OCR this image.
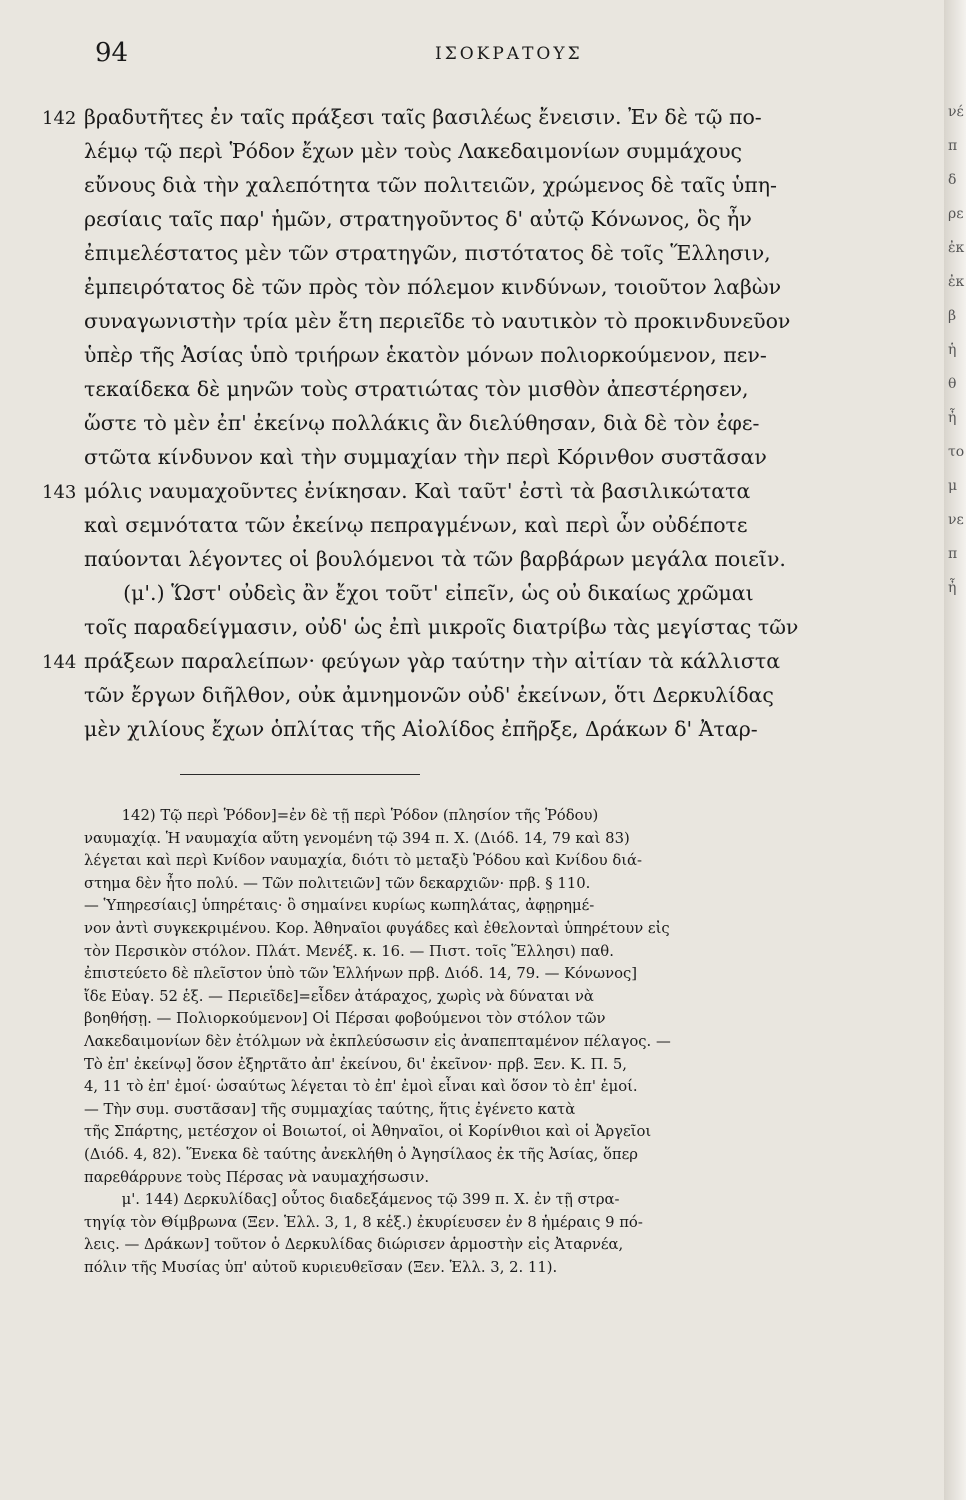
94	ΙΣΟΚΡΑΤΟΥΣ
142 βραδυτῆτες ἐν ταῖς πράξεσι ταῖς βασιλέως ἔνεισιν. Ἐν δὲ τῷ πο-
λέμῳ τῷ περὶ Ῥόδον ἔχων μὲν τοὺς Λακεδαιμονίων συμμάχους
εὔνους διὰ τὴν χαλεπότητα τῶν πολιτειῶν, χρώμενος δὲ ταῖς ὑπη-
ρεσίαις ταῖς παρ' ἡμῶν, στρατηγοῦντος δ' αὐτῷ Κόνωνος, ὃς ἦν
ἐπιμελέστατος μὲν τῶν στρατηγῶν, πιστότατος δὲ τοῖς Ἕλλησιν,
ἐμπειρότατος δὲ τῶν πρὸς τὸν πόλεμον κινδύνων, τοιοῦτον λαβὼν
συναγωνιστὴν τρία μὲν ἔτη περιεῖδε τὸ ναυτικὸν τὸ προκινδυνεῦον
ὑπὲρ τῆς Ἀσίας ὑπὸ τριήρων ἑκατὸν μόνων πολιορκούμενον, πεν-
τεκαίδεκα δὲ μηνῶν τοὺς στρατιώτας τὸν μισθὸν ἀπεστέρησεν,
ὥστε τὸ μὲν ἐπ' ἐκείνῳ πολλάκις ἂν διελύθησαν, διὰ δὲ τὸν ἐφε-
στῶτα κίνδυνον καὶ τὴν συμμαχίαν τὴν περὶ Κόρινθον συστᾶσαν
143 μόλις ναυμαχοῦντες ἐνίκησαν. Καὶ ταῦτ' ἐστὶ τὰ βασιλικώτατα
καὶ σεμνότατα τῶν ἐκείνῳ πεπραγμένων, καὶ περὶ ὧν οὐδέποτε
παύονται λέγοντες οἱ βουλόμενοι τὰ τῶν βαρβάρων μεγάλα ποιεῖν.
(μ'.) Ὥστ' οὐδεὶς ἂν ἔχοι τοῦτ' εἰπεῖν, ὡς οὐ δικαίως χρῶμαι
τοῖς παραδείγμασιν, οὐδ' ὡς ἐπὶ μικροῖς διατρίβω τὰς μεγίστας τῶν
144 πράξεων παραλείπων· φεύγων γὰρ ταύτην τὴν αἰτίαν τὰ κάλλιστα
τῶν ἔργων διῆλθον, οὐκ ἀμνημονῶν οὐδ' ἐκείνων, ὅτι Δερκυλίδας
μὲν χιλίους ἔχων ὁπλίτας τῆς Αἰολίδος ἐπῆρξε, Δράκων δ' Ἀταρ-
142) Τῷ περὶ Ῥόδον]=ἐν δὲ τῇ περὶ Ῥόδον (πλησίον τῆς Ῥόδου)
ναυμαχίᾳ. Ἡ ναυμαχία αὕτη γενομένη τῷ 394 π. Χ. (Διόδ. 14, 79 καὶ 83)
λέγεται καὶ περὶ Κνίδον ναυμαχία, διότι τὸ μεταξὺ Ῥόδου καὶ Κνίδου διά-
στημα δὲν ἦτο πολύ. — Τῶν πολιτειῶν] τῶν δεκαρχιῶν· πρβ. § 110.
— Ὑπηρεσίαις] ὑπηρέταις· ὃ σημαίνει κυρίως κωπηλάτας, ἀφῃρημέ-
νον ἀντὶ συγκεκριμένου. Κορ. Ἀθηναῖοι φυγάδες καὶ ἐθελονταὶ ὑπηρέτουν εἰς
τὸν Περσικὸν στόλον. Πλάτ. Μενέξ. κ. 16. — Πιστ. τοῖς Ἕλλησι) παθ.
ἐπιστεύετο δὲ πλεῖστον ὑπὸ τῶν Ἑλλήνων πρβ. Διόδ. 14, 79. — Κόνωνος]
ἴδε Εὐαγ. 52 ἑξ. — Περιεῖδε]=εἶδεν ἀτάραχος, χωρὶς νὰ δύναται νὰ
βοηθήσῃ. — Πολιορκούμενον] Οἱ Πέρσαι φοβούμενοι τὸν στόλον τῶν
Λακεδαιμονίων δὲν ἐτόλμων νὰ ἐκπλεύσωσιν εἰς ἀναπεπταμένον πέλαγος. —
Τὸ ἐπ' ἐκείνῳ] ὅσον ἐξηρτᾶτο ἀπ' ἐκείνου, δι' ἐκεῖνον· πρβ. Ξεν. Κ. Π. 5,
4, 11 τὸ ἐπ' ἐμοί· ὡσαύτως λέγεται τὸ ἐπ' ἐμοὶ εἶναι καὶ ὅσον τὸ ἐπ' ἐμοί.
— Τὴν συμ. συστᾶσαν] τῆς συμμαχίας ταύτης, ἥτις ἐγένετο κατὰ
τῆς Σπάρτης, μετέσχον οἱ Βοιωτοί, οἱ Ἀθηναῖοι, οἱ Κορίνθιοι καὶ οἱ Ἀργεῖοι
(Διόδ. 4, 82). Ἕνεκα δὲ ταύτης ἀνεκλήθη ὁ Ἀγησίλαος ἐκ τῆς Ἀσίας, ὅπερ
παρεθάρρυνε τοὺς Πέρσας νὰ ναυμαχήσωσιν.
μ'. 144) Δερκυλίδας] οὗτος διαδεξάμενος τῷ 399 π. Χ. ἐν τῇ στρα-
τηγίᾳ τὸν Θίμβρωνα (Ξεν. Ἑλλ. 3, 1, 8 κἑξ.) ἐκυρίευσεν ἐν 8 ἡμέραις 9 πό-
λεις. — Δράκων] τοῦτον ὁ Δερκυλίδας διώρισεν ἁρμοστὴν εἰς Ἀταρνέα,
πόλιν τῆς Μυσίας ὑπ' αὐτοῦ κυριευθεῖσαν (Ξεν. Ἑλλ. 3, 2. 11).
νέ π δ ρε ἐκ ἐκ β ἡ θ ἦ το μ νε π ἦ
